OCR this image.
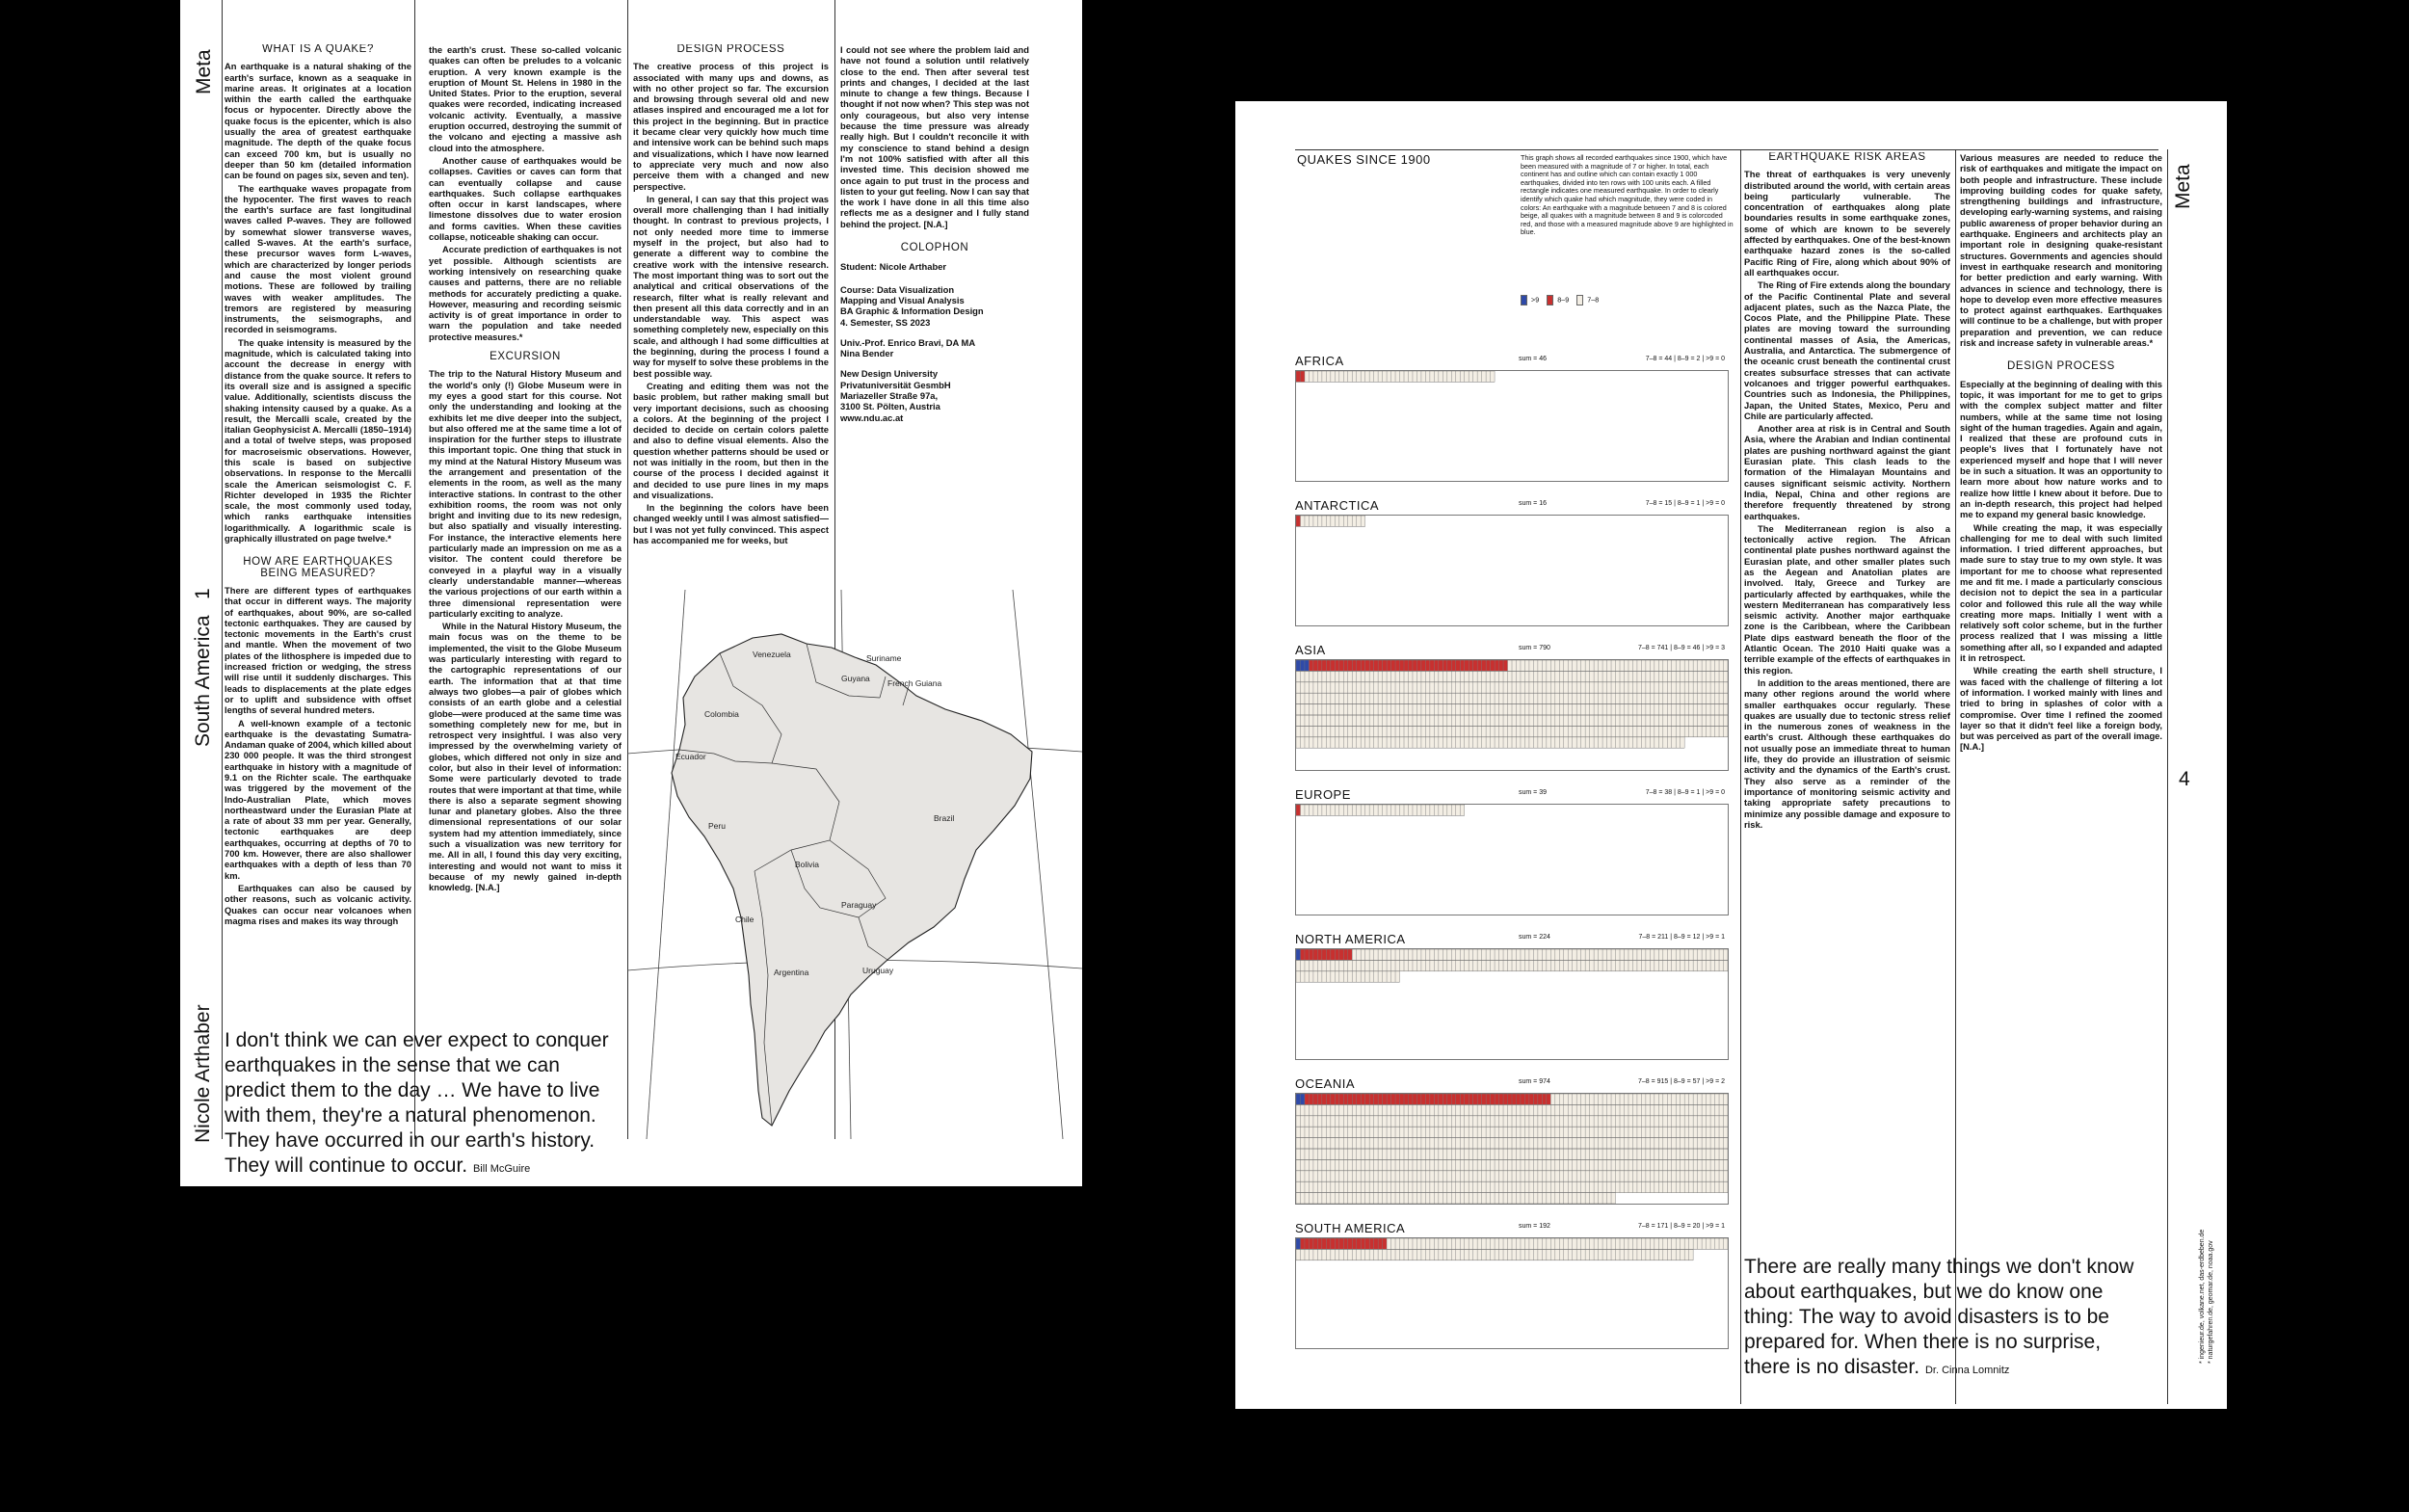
Meta
1
South America
Nicole Arthaber
WHAT IS A QUAKE?

An earthquake is a natural shaking of the earth's surface, known as a seaquake in marine areas. It originates at a location within the earth called the earthquake focus or hypocenter. Directly above the quake focus is the epicenter, which is also usually the area of greatest earthquake magnitude. The depth of the quake focus can exceed 700 km, but is usually no deeper than 50 km (detailed information can be found on pages six, seven and ten).

The earthquake waves propagate from the hypocenter. The first waves to reach the earth's surface are fast longitudinal waves called P-waves. They are followed by somewhat slower transverse waves, called S-waves. At the earth's surface, these precursor waves form L-waves, which are characterized by longer periods and cause the most violent ground motions. These are followed by trailing waves with weaker amplitudes. The tremors are registered by measuring instruments, the seismographs, and recorded in seismograms.

The quake intensity is measured by the magnitude, which is calculated taking into account the decrease in energy with distance from the quake source. It refers to its overall size and is assigned a specific value. Additionally, scientists discuss the shaking intensity caused by a quake. As a result, the Mercalli scale, created by the italian Geophysicist A. Mercalli (1850–1914) and a total of twelve steps, was proposed for macroseismic observations. However, this scale is based on subjective observations. In response to the Mercalli scale the American seismologist C. F. Richter developed in 1935 the Richter scale, the most commonly used today, which ranks earthquake intensities logarithmically. A logarithmic scale is graphically illustrated on page twelve.*

HOW ARE EARTHQUAKES BEING MEASURED?

There are different types of earthquakes that occur in different ways. The majority of earthquakes, about 90%, are so-called tectonic earthquakes. They are caused by tectonic movements in the Earth's crust and mantle. When the movement of two plates of the lithosphere is impeded due to increased friction or wedging, the stress will rise until it suddenly discharges. This leads to displacements at the plate edges or to uplift and subsidence with offset lengths of several hundred meters.

A well-known example of a tectonic earthquake is the devastating Sumatra-Andaman quake of 2004, which killed about 230 000 people. It was the third strongest earthquake in history with a magnitude of 9.1 on the Richter scale. The earthquake was triggered by the movement of the Indo-Australian Plate, which moves northeastward under the Eurasian Plate at a rate of about 33 mm per year. Generally, tectonic earthquakes are deep earthquakes, occurring at depths of 70 to 700 km. However, there are also shallower earthquakes with a depth of less than 70 km.

Earthquakes can also be caused by other reasons, such as volcanic activity. Quakes can occur near volcanoes when magma rises and makes its way through

the earth's crust. These so-called volcanic quakes can often be preludes to a volcanic eruption. A very known example is the eruption of Mount St. Helens in 1980 in the United States. Prior to the eruption, several quakes were recorded, indicating increased volcanic activity. Eventually, a massive eruption occurred, destroying the summit of the volcano and ejecting a massive ash cloud into the atmosphere.

Another cause of earthquakes would be collapses. Cavities or caves can form that can eventually collapse and cause earthquakes. Such collapse earthquakes often occur in karst landscapes, where limestone dissolves due to water erosion and forms cavities. When these cavities collapse, noticeable shaking can occur.

Accurate prediction of earthquakes is not yet possible. Although scientists are working intensively on researching quake causes and patterns, there are no reliable methods for accurately predicting a quake. However, measuring and recording seismic activity is of great importance in order to warn the population and take needed protective measures.*

EXCURSION

The trip to the Natural History Museum and the world's only (!) Globe Museum were in my eyes a good start for this course. Not only the understanding and looking at the exhibits let me dive deeper into the subject, but also offered me at the same time a lot of inspiration for the further steps to illustrate this important topic. One thing that stuck in my mind at the Natural History Museum was the arrangement and presentation of the elements in the room, as well as the many interactive stations. In contrast to the other exhibition rooms, the room was not only bright and inviting due to its new redesign, but also spatially and visually interesting. For instance, the interactive elements here particularly made an impression on me as a visitor. The content could therefore be conveyed in a playful way in a visually clearly understandable manner—whereas the various projections of our earth within a three dimensional representation were particularly exciting to analyze.

While in the Natural History Museum, the main focus was on the theme to be implemented, the visit to the Globe Museum was particularly interesting with regard to the cartographic representations of our earth. The information that at that time always two globes—a pair of globes which consists of an earth globe and a celestial globe—were produced at the same time was something completely new for me, but in retrospect very insightful. I was also very impressed by the overwhelming variety of globes, which differed not only in size and color, but also in their level of information: Some were particularly devoted to trade routes that were important at that time, while there is also a separate segment showing lunar and planetary globes. Also the three dimensional representations of our solar system had my attention immediately, since such a visualization was new territory for me. All in all, I found this day very exciting, interesting and would not want to miss it because of my newly gained in-depth knowledg. [N.A.]

DESIGN PROCESS

The creative process of this project is associated with many ups and downs, as with no other project so far. The excursion and browsing through several old and new atlases inspired and encouraged me a lot for this project in the beginning. But in practice it became clear very quickly how much time and intensive work can be behind such maps and visualizations, which I have now learned to appreciate very much and now also perceive them with a changed and new perspective.

In general, I can say that this project was overall more challenging than I had initially thought. In contrast to previous projects, I not only needed more time to immerse myself in the project, but also had to generate a different way to combine the creative work with the intensive research. The most important thing was to sort out the analytical and critical observations of the research, filter what is really relevant and then present all this data correctly and in an understandable way. This aspect was something completely new, especially on this scale, and although I had some difficulties at the beginning, during the process I found a way for myself to solve these problems in the best possible way.

Creating and editing them was not the basic problem, but rather making small but very important decisions, such as choosing a colors. At the beginning of the project I decided to decide on certain colors palette and also to define visual elements. Also the question whether patterns should be used or not was initially in the room, but then in the course of the process I decided against it and decided to use pure lines in my maps and visualizations.

In the beginning the colors have been changed weekly until I was almost satisfied—but I was not yet fully convinced. This aspect has accompanied me for weeks, but

I could not see where the problem laid and have not found a solution until relatively close to the end. Then after several test prints and changes, I decided at the last minute to change a few things. Because I thought if not now when? This step was not only courageous, but also very intense because the time pressure was already really high. But I couldn't reconcile it with my conscience to stand behind a design I'm not 100% satisfied with after all this invested time. This decision showed me once again to put trust in the process and listen to your gut feeling. Now I can say that the work I have done in all this time also reflects me as a designer and I fully stand behind the project. [N.A.]

COLOPHON
Student: Nicole Arthaber
Course: Data Visualization
Mapping and Visual Analysis
BA Graphic & Information Design
4. Semester, SS 2023
Univ.-Prof. Enrico Bravi, DA MA
Nina Bender
New Design University
Privatuniversität GesmbH
Mariazeller Straße 97a,
3100 St. Pölten, Austria
www.ndu.ac.at
Venezuela
Guyana
Suriname
French Guiana
Colombia
Ecuador
Peru
Brazil
Bolivia
Paraguay
Chile
Argentina	Uruguay
I don't think we can ever expect to conquer
earthquakes in the sense that we can
predict them to the day … We have to live
with them, they're a natural phenomenon.
They have occurred in our earth's history.
They will continue to occur. Bill McGuire
Meta
4
QUAKES SINCE 1900	This graph shows all recorded earthquakes since 1900, which have been measured with a magnitude of 7 or higher. In total, each continent has and outline which can contain exactly 1 000 earthquakes, divided into ten rows with 100 units each. A filled rectangle indicates one measured earthquake. In order to clearly identify which quake had which magnitude, they were coded in colors: An earthquake with a magnitude between 7 and 8 is colored beige, all quakes with a magnitude between 8 and 9 is colorcoded red, and those with a measured magnitude above 9 are highlighted in blue.
>9	8–9	7–8
AFRICA	sum = 46	7–8 = 44 | 8–9 = 2 | >9 = 0
ANTARCTICA	sum = 16	7–8 = 15 | 8–9 = 1 | >9 = 0
ASIA	sum = 790	7–8 = 741 | 8–9 = 46 | >9 = 3
EUROPE	sum = 39	7–8 = 38 | 8–9 = 1 | >9 = 0
NORTH AMERICA	sum = 224	7–8 = 211 | 8–9 = 12 | >9 = 1
OCEANIA	sum = 974	7–8 = 915 | 8–9 = 57 | >9 = 2
SOUTH AMERICA	sum = 192	7–8 = 171 | 8–9 = 20 | >9 = 1
EARTHQUAKE RISK AREAS

The threat of earthquakes is very unevenly distributed around the world, with certain areas being particularly vulnerable. The concentration of earthquakes along plate boundaries results in some earthquake zones, some of which are known to be severely affected by earthquakes. One of the best-known earthquake hazard zones is the so-called Pacific Ring of Fire, along which about 90% of all earthquakes occur.

The Ring of Fire extends along the boundary of the Pacific Continental Plate and several adjacent plates, such as the Nazca Plate, the Cocos Plate, and the Philippine Plate. These plates are moving toward the surrounding continental masses of Asia, the Americas, Australia, and Antarctica. The submergence of the oceanic crust beneath the continental crust creates subsurface stresses that can activate volcanoes and trigger powerful earthquakes. Countries such as Indonesia, the Philippines, Japan, the United States, Mexico, Peru and Chile are particularly affected.

Another area at risk is in Central and South Asia, where the Arabian and Indian continental plates are pushing northward against the giant Eurasian plate. This clash leads to the formation of the Himalayan Mountains and causes significant seismic activity. Northern India, Nepal, China and other regions are therefore frequently threatened by strong earthquakes.

The Mediterranean region is also a tectonically active region. The African continental plate pushes northward against the Eurasian plate, and other smaller plates such as the Aegean and Anatolian plates are involved. Italy, Greece and Turkey are particularly affected by earthquakes, while the western Mediterranean has comparatively less seismic activity. Another major earthquake zone is the Caribbean, where the Caribbean Plate dips eastward beneath the floor of the Atlantic Ocean. The 2010 Haiti quake was a terrible example of the effects of earthquakes in this region.

In addition to the areas mentioned, there are many other regions around the world where smaller earthquakes occur regularly. These quakes are usually due to tectonic stress relief in the numerous zones of weakness in the earth's crust. Although these earthquakes do not usually pose an immediate threat to human life, they do provide an illustration of seismic activity and the dynamics of the Earth's crust. They also serve as a reminder of the importance of monitoring seismic activity and taking appropriate safety precautions to minimize any possible damage and exposure to risk.

Various measures are needed to reduce the risk of earthquakes and mitigate the impact on both people and infrastructure. These include improving building codes for quake safety, strengthening buildings and infrastructure, developing early-warning systems, and raising public awareness of proper behavior during an earthquake. Engineers and architects play an important role in designing quake-resistant structures. Governments and agencies should invest in earthquake research and monitoring for better prediction and early warning. With advances in science and technology, there is hope to develop even more effective measures to protect against earthquakes. Earthquakes will continue to be a challenge, but with proper preparation and prevention, we can reduce risk and increase safety in vulnerable areas.*

DESIGN PROCESS

Especially at the beginning of dealing with this topic, it was important for me to get to grips with the complex subject matter and filter numbers, while at the same time not losing sight of the human tragedies. Again and again, I realized that these are profound cuts in people's lives that I fortunately have not experienced myself and hope that I will never be in such a situation. It was an opportunity to learn more about how nature works and to realize how little I knew about it before. Due to an in-depth research, this project had helped me to expand my general basic knowledge.

While creating the map, it was especially challenging for me to deal with such limited information. I tried different approaches, but made sure to stay true to my own style. It was important for me to choose what represented me and fit me. I made a particularly conscious decision not to depict the sea in a particular color and followed this rule all the way while creating more maps. Initially I went with a relatively soft color scheme, but in the further process realized that I was missing a little something after all, so I expanded and adapted it in retrospect.

While creating the earth shell structure, I was faced with the challenge of filtering a lot of information. I worked mainly with lines and tried to bring in splashes of color with a compromise. Over time I refined the zoomed layer so that it didn't feel like a foreign body, but was perceived as part of the overall image. [N.A.]

There are really many things we don't know
about earthquakes, but we do know one
thing: The way to avoid disasters is to be
prepared for. When there is no surprise,
there is no disaster. Dr. Cinna Lomnitz
* ingenieur.de, volkane.net, das-erdbeben.de * naturgefahren.de, geomar.de, noaa.gov
